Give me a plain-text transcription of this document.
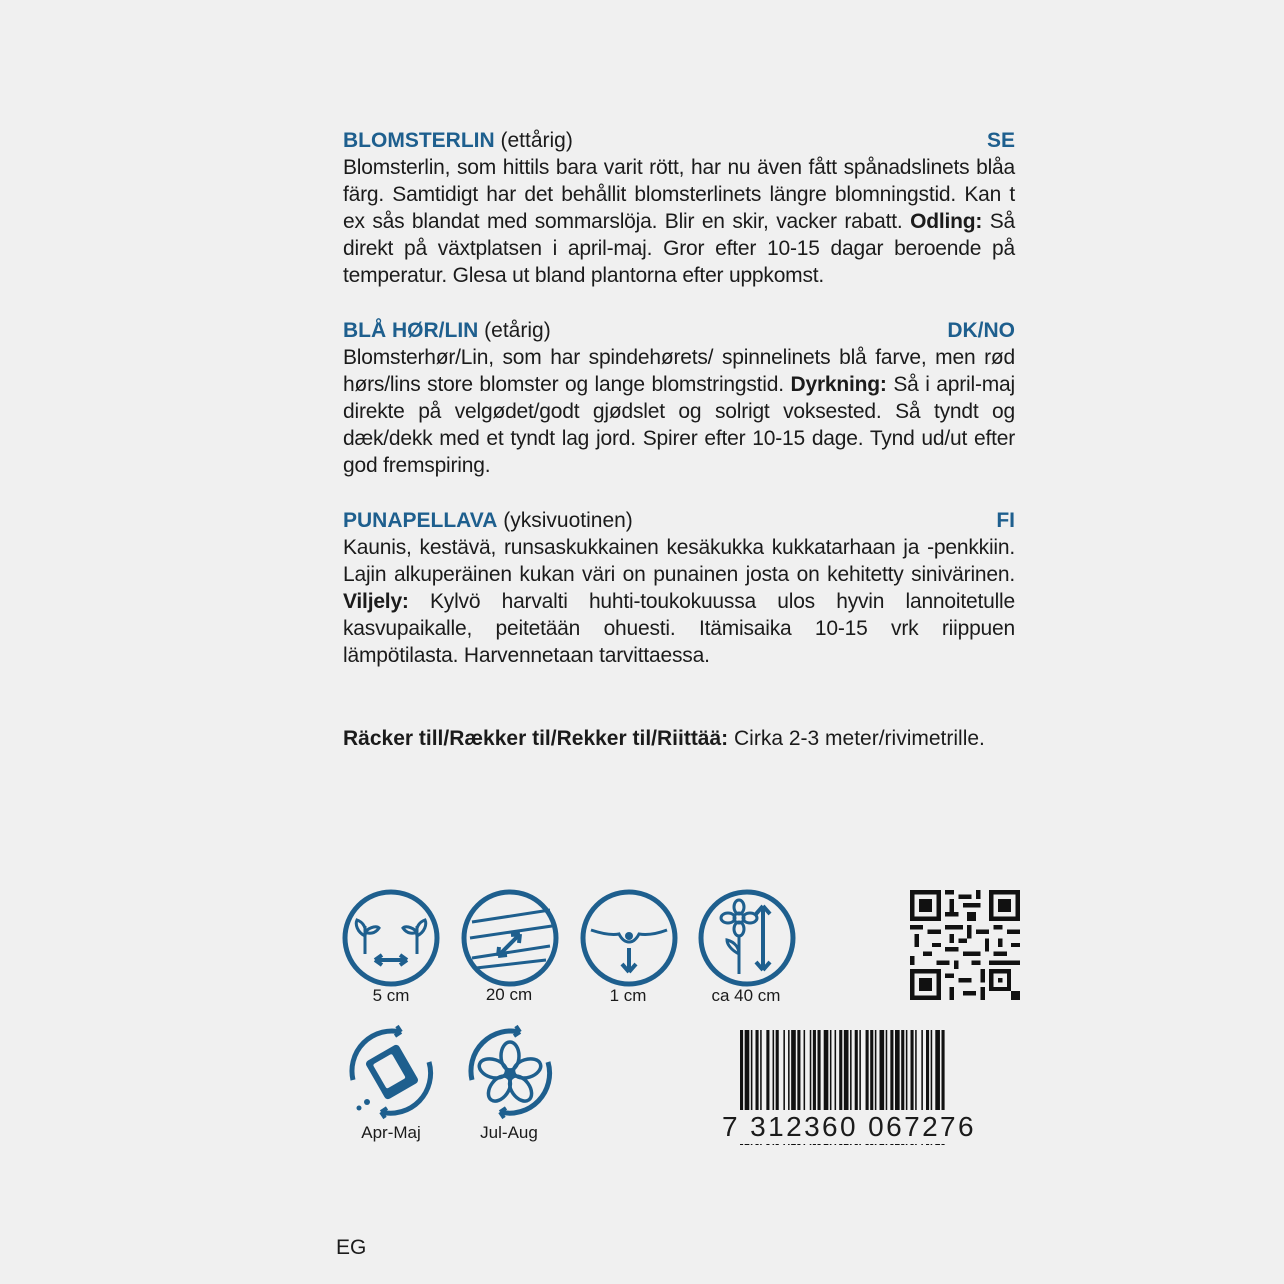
BLOMSTERLIN (ettårig)	SE
Blomsterlin, som hittils bara varit rött, har nu även fått spånadslinets blåa färg. Samtidigt har det behållit blomsterlinets längre blomningstid. Kan t ex sås blandat med sommarslöja. Blir en skir, vacker rabatt. Odling: Så direkt på växtplatsen i april-maj. Gror efter 10-15 dagar beroende på temperatur. Glesa ut bland plantorna efter uppkomst.
BLÅ HØR/LIN (etårig)	DK/NO
Blomsterhør/Lin, som har spindehørets/ spinnelinets blå farve, men rød hørs/lins store blomster og lange blomstringstid. Dyrkning: Så i april-maj direkte på velgødet/godt gjødslet og solrigt voksested. Så tyndt og dæk/dekk med et tyndt lag jord. Spirer efter 10-15 dage. Tynd ud/ut efter god fremspiring.
PUNAPELLAVA (yksivuotinen)	FI
Kaunis, kestävä, runsaskukkainen kesäkukka kukkatarhaan ja -penkkiin. Lajin alkuperäinen kukan väri on punainen josta on kehitetty sinivärinen. Viljely: Kylvö harvalti huhti-toukokuussa ulos hyvin lannoitetulle kasvupaikalle, peitetään ohuesti. Itämisaika 10-15 vrk riippuen lämpötilasta. Harvennetaan tarvittaessa.
Räcker till/Rækker til/Rekker til/Riittää: Cirka 2-3 meter/rivimetrille.
5 cm	20 cm	1 cm	ca 40 cm
Apr-Maj	Jul-Aug	7 312360 067276
EG
